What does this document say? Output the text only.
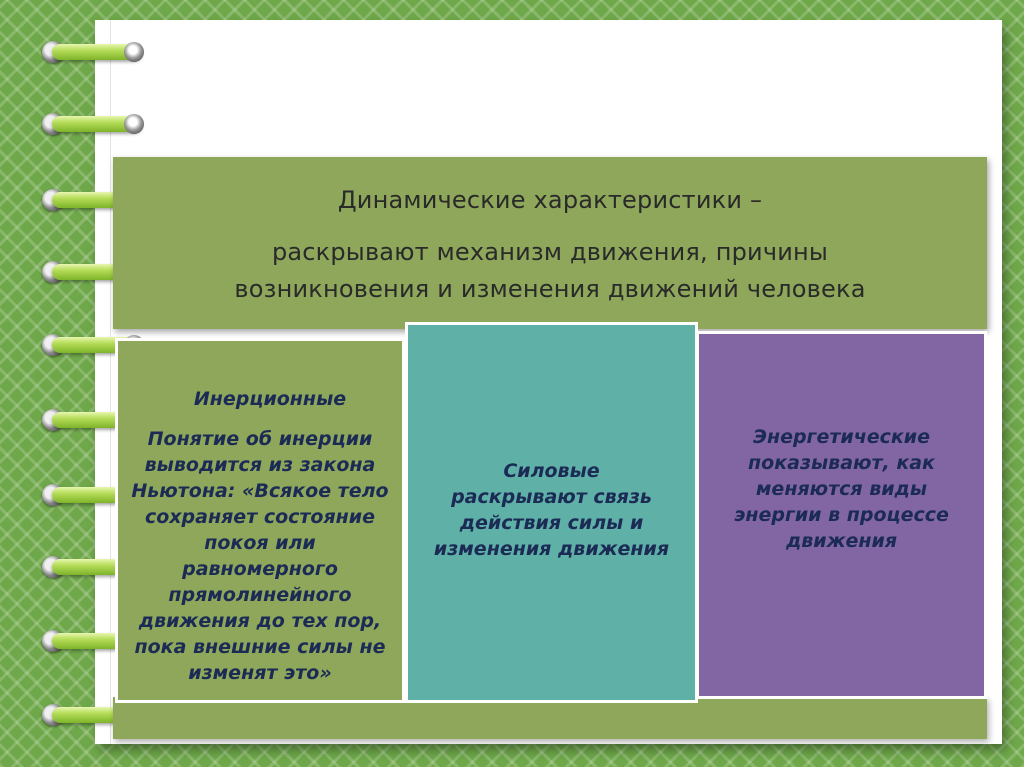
Динамические характеристики –
раскрывают механизм движения, причины
возникновения и изменения движений человека
Инерционные
Понятие об инерции выводится из закона Ньютона: «Всякое тело сохраняет состояние покоя или равномерного прямолинейного движения до тех пор, пока внешние силы не изменят это»
Силовые
раскрывают связь действия силы и изменения движения
Энергетические
показывают, как меняются виды энергии в процессе движения
